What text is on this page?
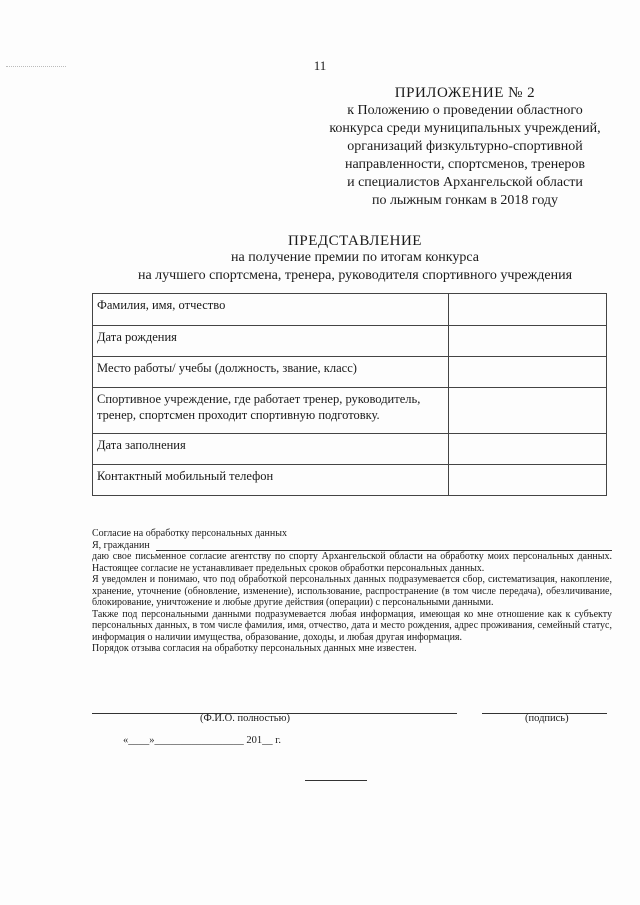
11
ПРИЛОЖЕНИЕ № 2
к Положению о проведении областного
конкурса среди муниципальных учреждений,
организаций физкультурно-спортивной
направленности, спортсменов, тренеров
и специалистов Архангельской области
по лыжным гонкам в 2018 году
ПРЕДСТАВЛЕНИЕ
на получение премии по итогам конкурса
на лучшего спортсмена, тренера, руководителя спортивного учреждения
Фамилия, имя, отчество	
Дата рождения	
Место работы/ учебы (должность, звание, класс)	
Спортивное учреждение, где работает тренер, руководитель, тренер, спортсмен проходит спортивную подготовку.	
Дата заполнения	
Контактный мобильный телефон	

Согласие на обработку персональных данных

Я, гражданин

даю свое письменное согласие агентству по спорту Архангельской области на обработку моих персональных данных. Настоящее согласие не устанавливает предельных сроков обработки персональных данных.

Я уведомлен и понимаю, что под обработкой персональных данных подразумевается сбор, систематизация, накопление, хранение, уточнение (обновление, изменение), использование, распространение (в том числе передача), обезличивание, блокирование, уничтожение и любые другие действия (операции) с персональными данными.

Также под персональными данными подразумевается любая информация, имеющая ко мне отношение как к субъекту персональных данных, в том числе фамилия, имя, отчество, дата и место рождения, адрес проживания, семейный статус, информация о наличии имущества, образование, доходы, и любая другая информация.

Порядок отзыва согласия на обработку персональных данных мне известен.

(Ф.И.О. полностью)	(подпись)
«____»_________________ 201__ г.
